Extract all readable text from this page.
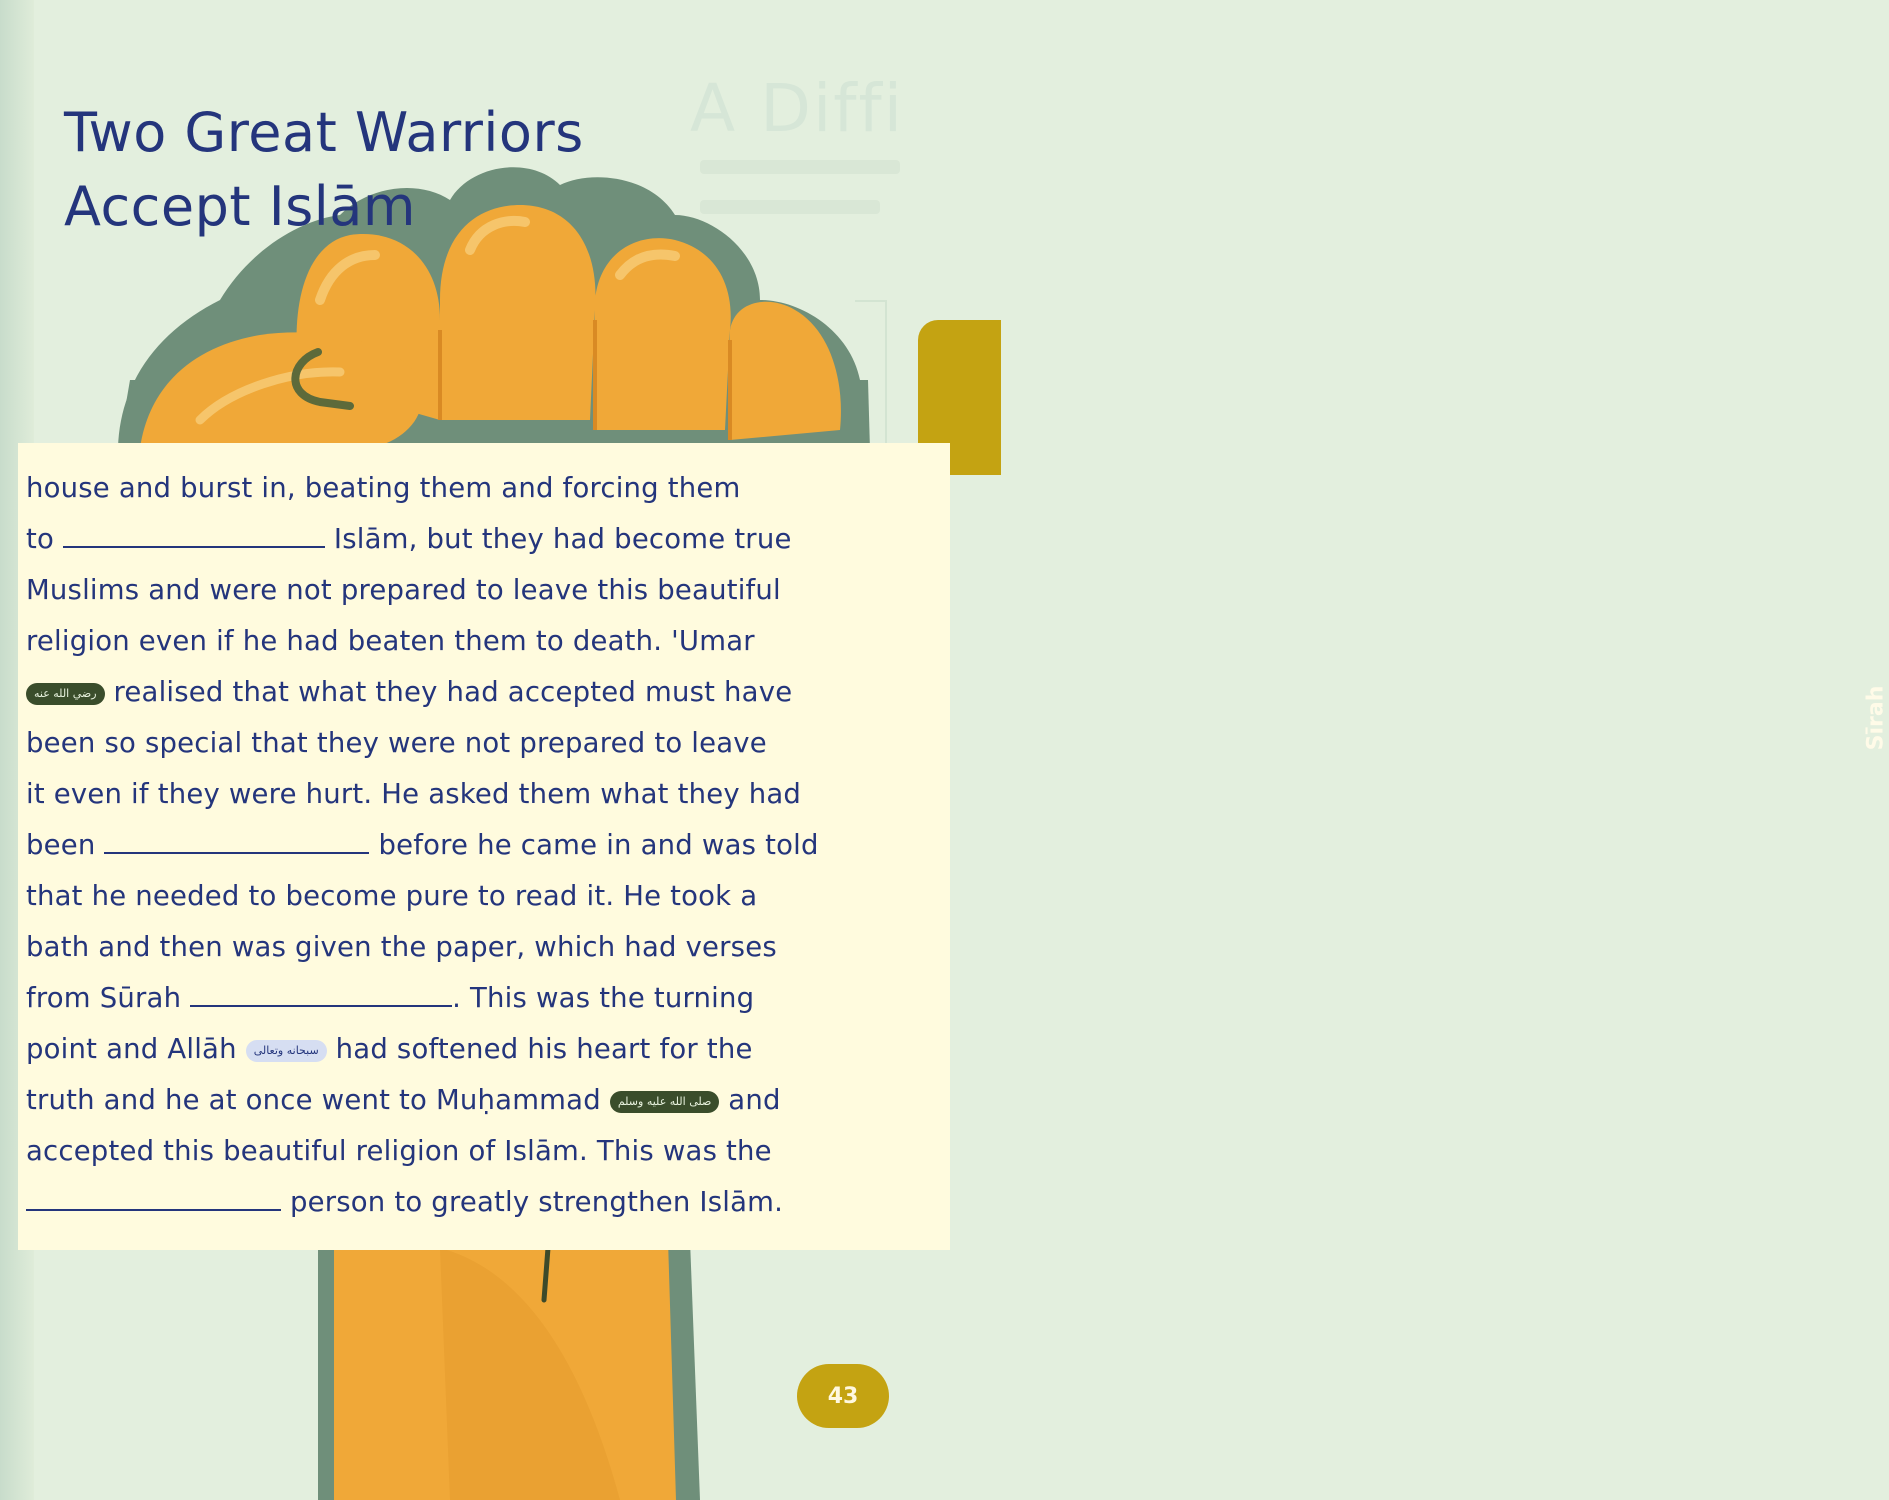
A Diffi
Two Great Warriors
Accept Islām
Sīrah
house and burst in, beating them and forcing them
to	Islām, but they had become true
Muslims and were not prepared to leave this beautiful
religion even if he had beaten them to death. 'Umar
رضي الله عنه realised that what they had accepted must have
been so special that they were not prepared to leave
it even if they were hurt. He asked them what they had
been	before he came in and was told
that he needed to become pure to read it. He took a
bath and then was given the paper, which had verses
from Sūrah	. This was the turning
point and Allāh سبحانه وتعالى had softened his heart for the
truth and he at once went to Muḥammad صلى الله عليه وسلم and
accepted this beautiful religion of Islām. This was the
person to greatly strengthen Islām.
43
